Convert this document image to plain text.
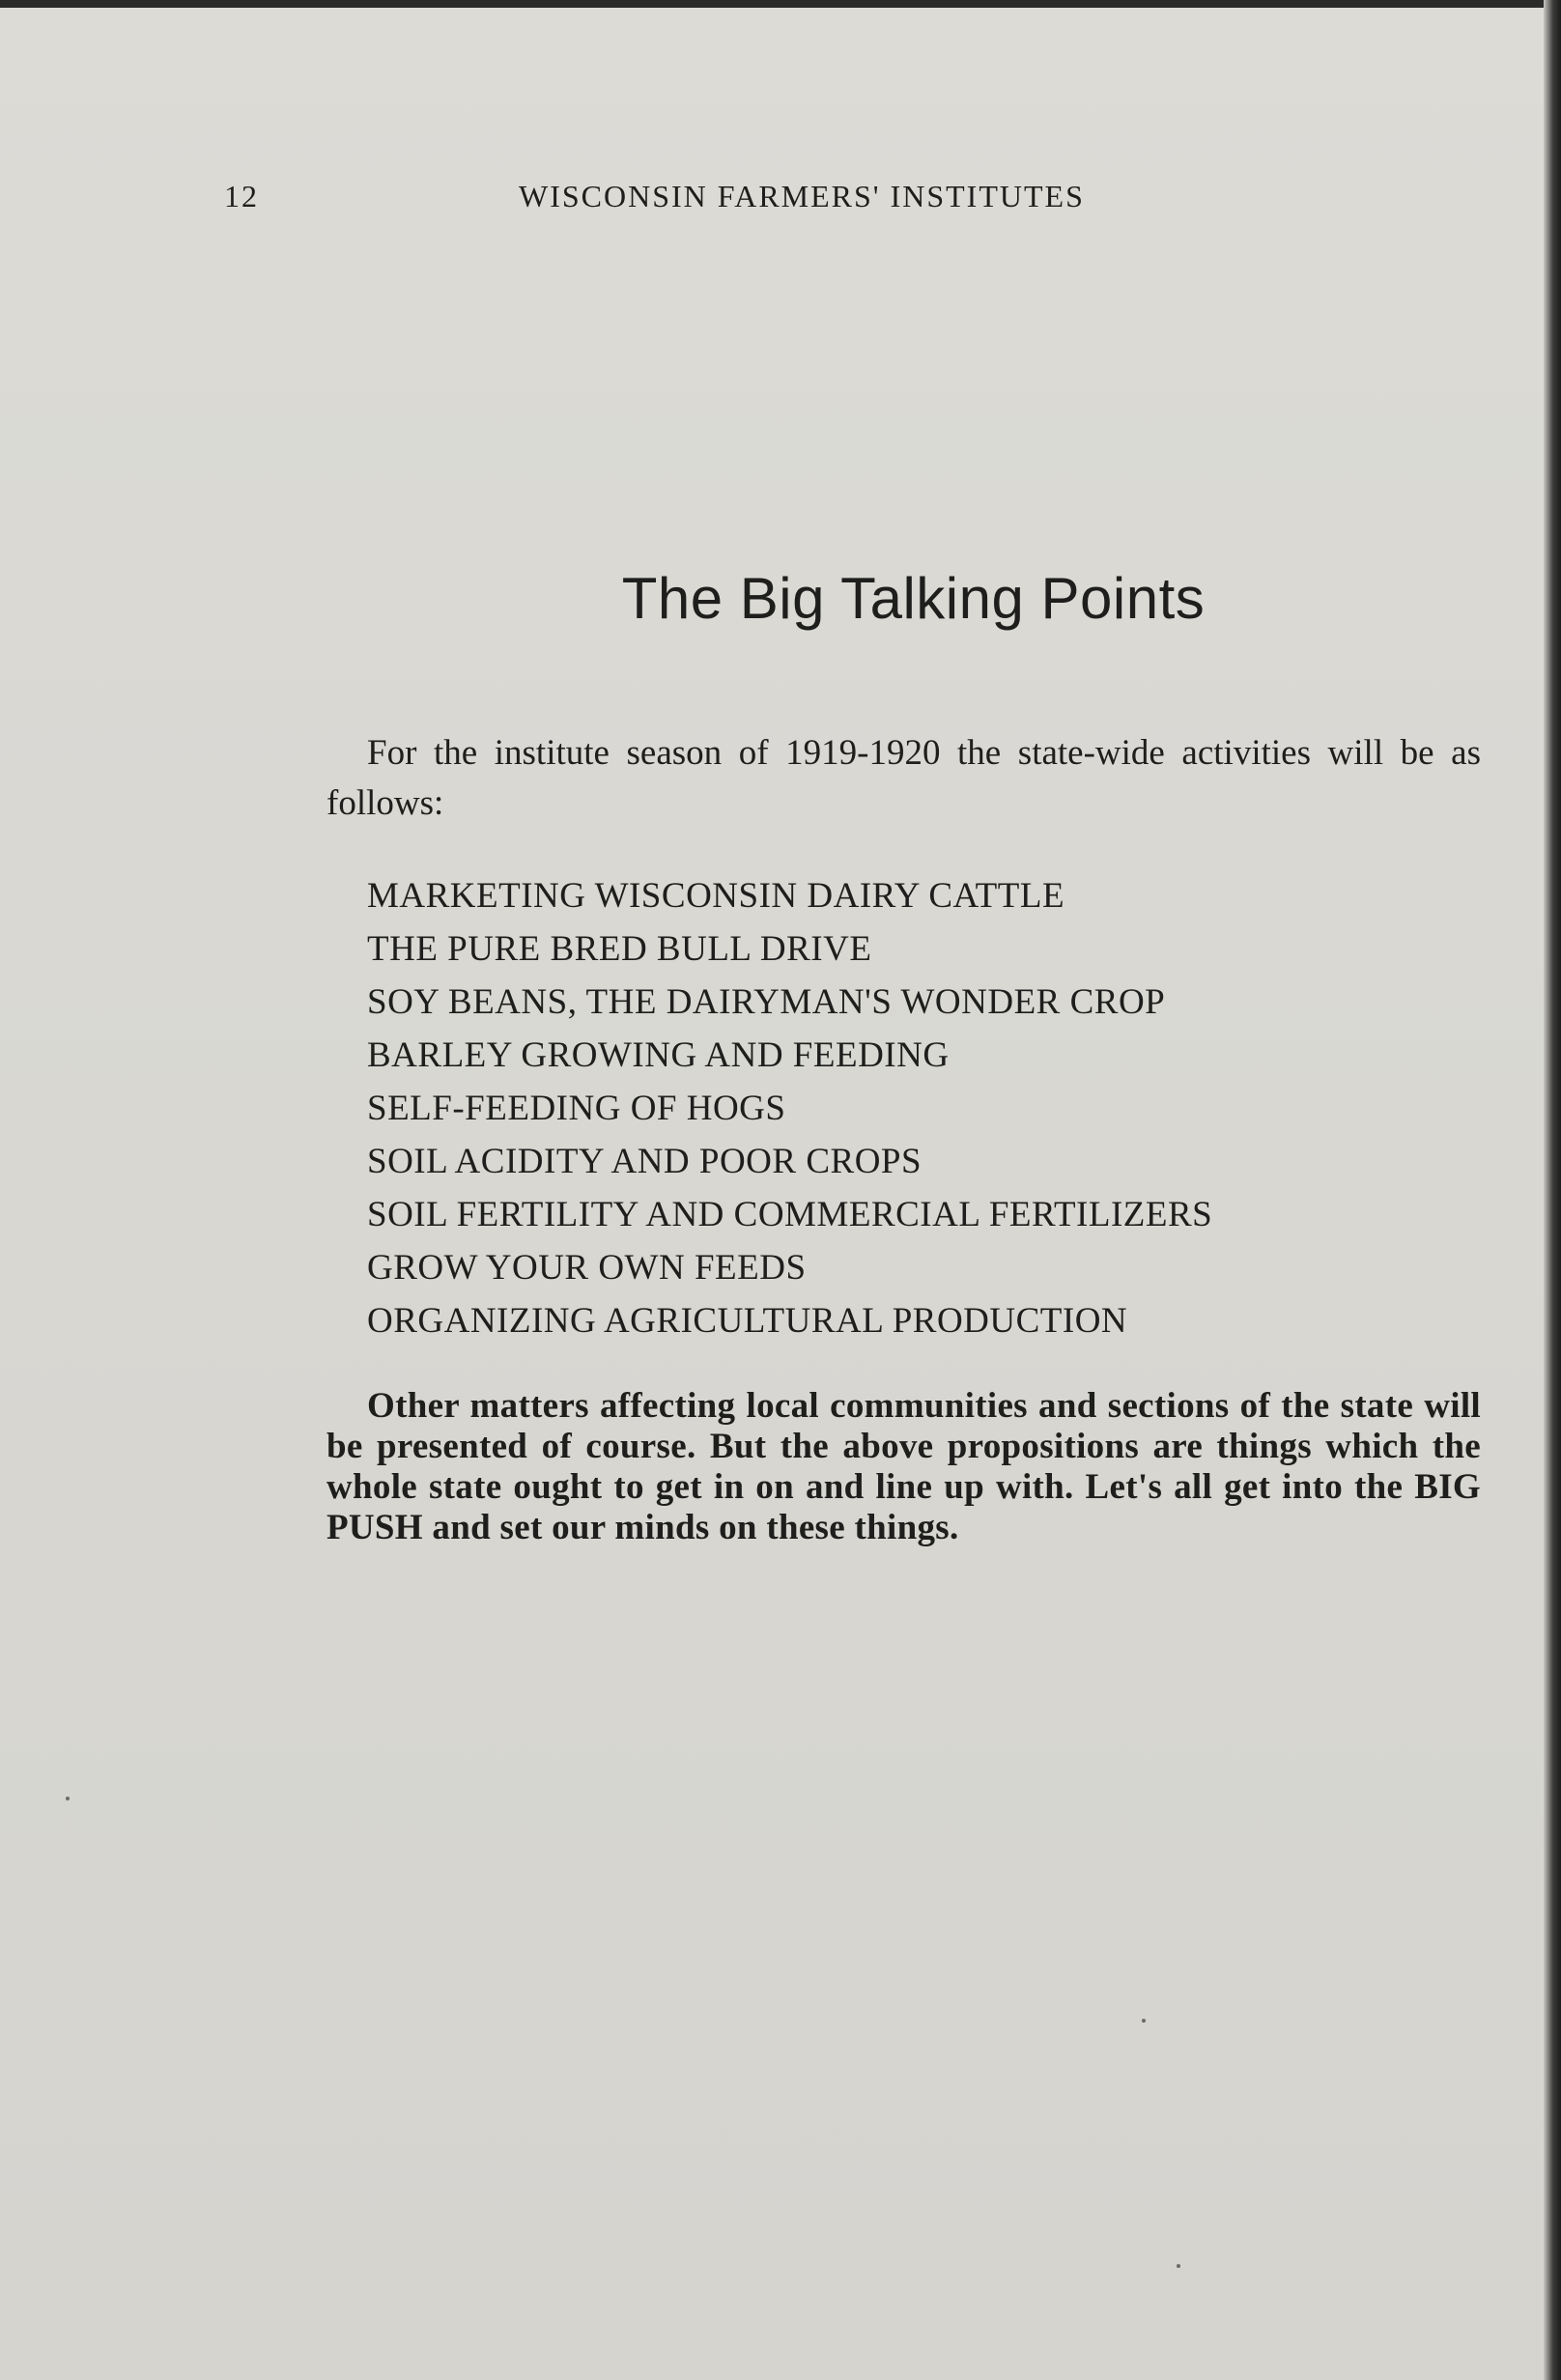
12	WISCONSIN FARMERS' INSTITUTES
The Big Talking Points

For the institute season of 1919-1920 the state-wide activities will be as follows:

MARKETING WISCONSIN DAIRY CATTLE
THE PURE BRED BULL DRIVE
SOY BEANS, THE DAIRYMAN'S WONDER CROP
BARLEY GROWING AND FEEDING
SELF-FEEDING OF HOGS
SOIL ACIDITY AND POOR CROPS
SOIL FERTILITY AND COMMERCIAL FERTILIZERS
GROW YOUR OWN FEEDS
ORGANIZING AGRICULTURAL PRODUCTION

Other matters affecting local communities and sections of the state will be presented of course. But the above propositions are things which the whole state ought to get in on and line up with. Let's all get into the BIG PUSH and set our minds on these things.
